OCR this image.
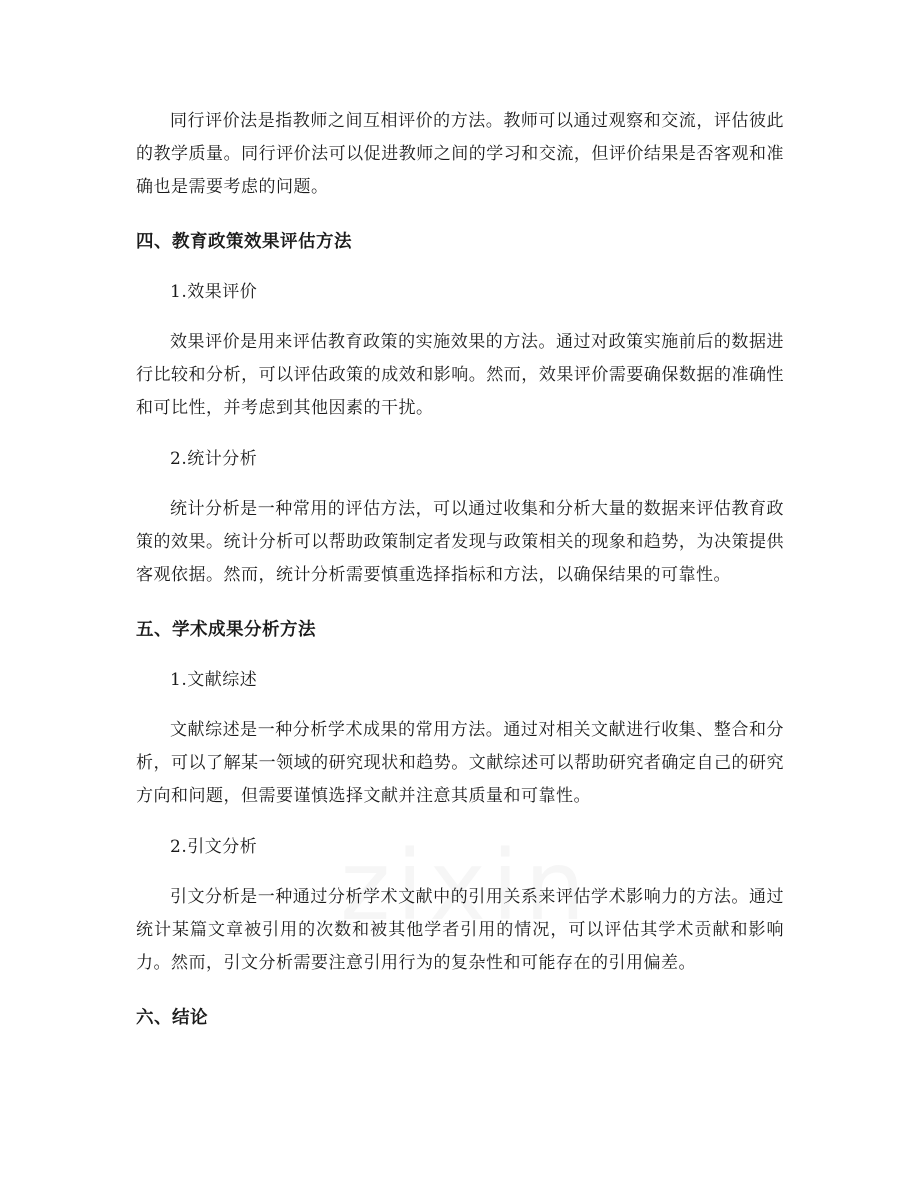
同行评价法是指教师之间互相评价的方法。教师可以通过观察和交流，评估彼此的教学质量。同行评价法可以促进教师之间的学习和交流，但评价结果是否客观和准确也是需要考虑的问题。

四、教育政策效果评估方法

1.效果评价

效果评价是用来评估教育政策的实施效果的方法。通过对政策实施前后的数据进行比较和分析，可以评估政策的成效和影响。然而，效果评价需要确保数据的准确性和可比性，并考虑到其他因素的干扰。

2.统计分析

统计分析是一种常用的评估方法，可以通过收集和分析大量的数据来评估教育政策的效果。统计分析可以帮助政策制定者发现与政策相关的现象和趋势，为决策提供客观依据。然而，统计分析需要慎重选择指标和方法，以确保结果的可靠性。

五、学术成果分析方法

1.文献综述

文献综述是一种分析学术成果的常用方法。通过对相关文献进行收集、整合和分析，可以了解某一领域的研究现状和趋势。文献综述可以帮助研究者确定自己的研究方向和问题，但需要谨慎选择文献并注意其质量和可靠性。

2.引文分析

引文分析是一种通过分析学术文献中的引用关系来评估学术影响力的方法。通过统计某篇文章被引用的次数和被其他学者引用的情况，可以评估其学术贡献和影响力。然而，引文分析需要注意引用行为的复杂性和可能存在的引用偏差。

六、结论
